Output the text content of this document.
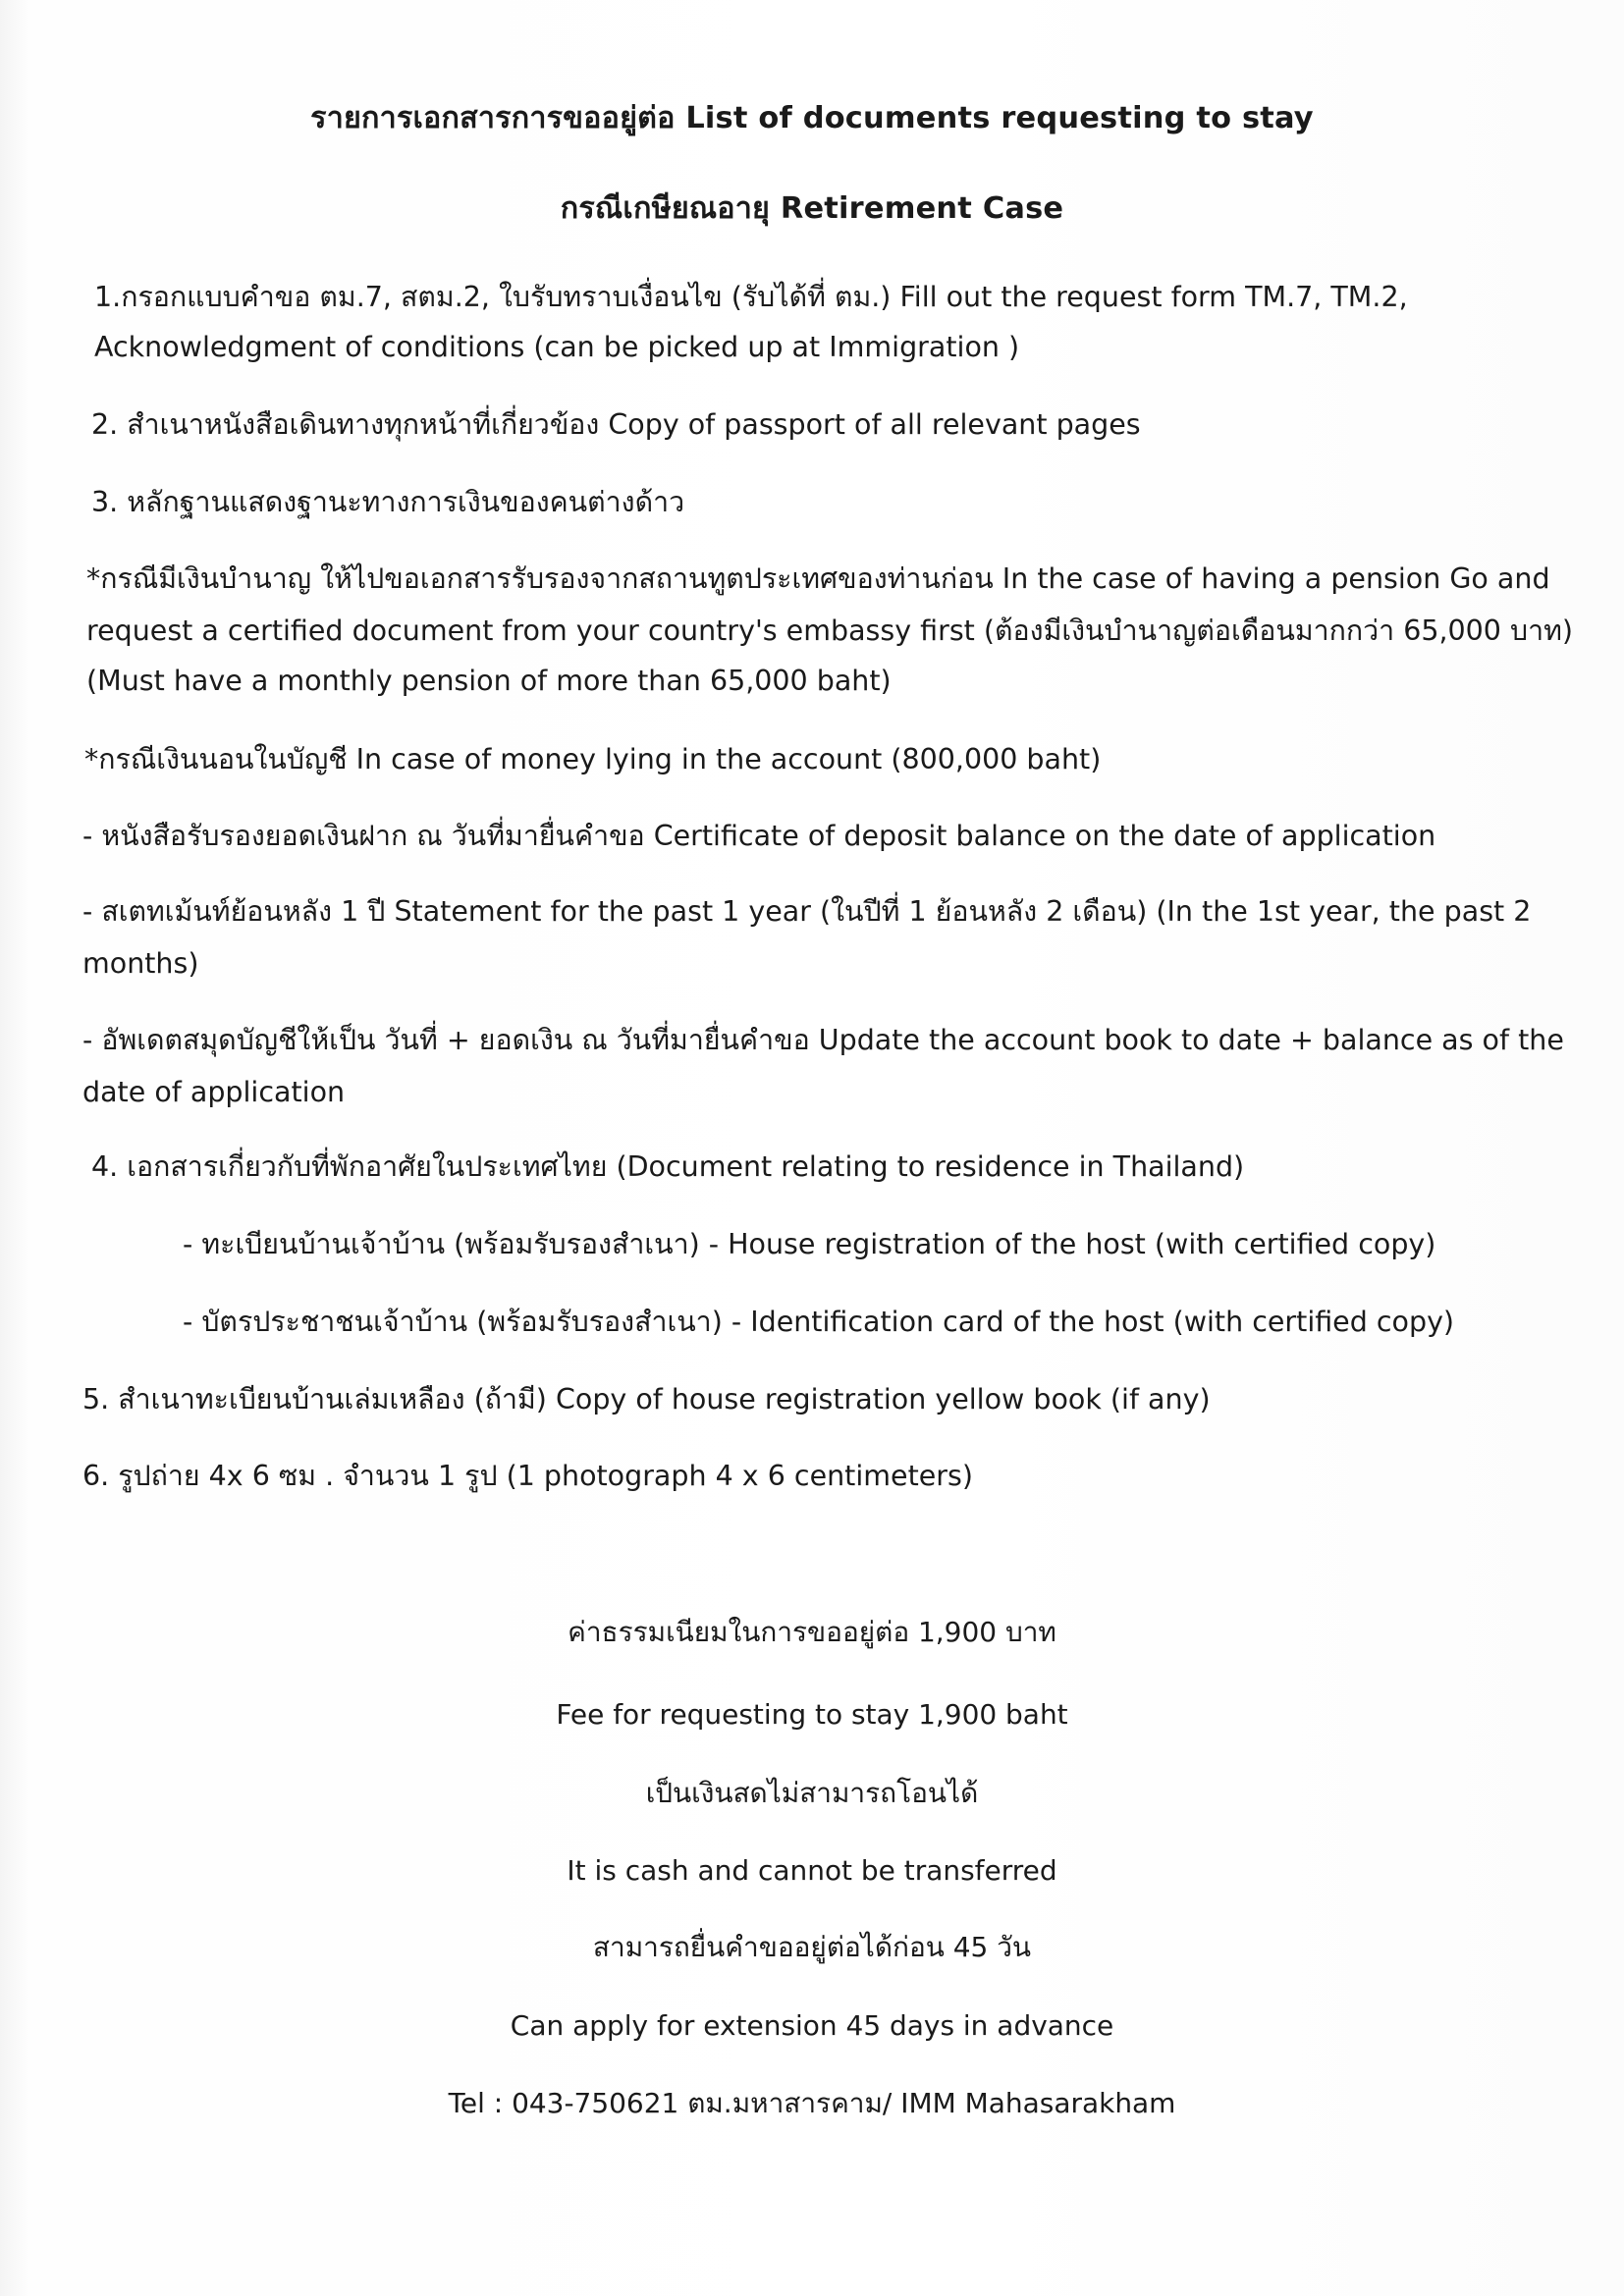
รายการเอกสารการขออยู่ต่อ List of documents requesting to stay
กรณีเกษียณอายุ Retirement Case
1.กรอกแบบคำขอ ตม.7, สตม.2, ใบรับทราบเงื่อนไข (รับได้ที่ ตม.) Fill out the request form TM.7, TM.2,
Acknowledgment of conditions (can be picked up at Immigration )
2. สำเนาหนังสือเดินทางทุกหน้าที่เกี่ยวข้อง Copy of passport of all relevant pages
3. หลักฐานแสดงฐานะทางการเงินของคนต่างด้าว
*กรณีมีเงินบำนาญ ให้ไปขอเอกสารรับรองจากสถานทูตประเทศของท่านก่อน In the case of having a pension Go and
request a certified document from your country's embassy first (ต้องมีเงินบำนาญต่อเดือนมากกว่า 65,000 บาท)
(Must have a monthly pension of more than 65,000 baht)
*กรณีเงินนอนในบัญชี In case of money lying in the account (800,000 baht)
- หนังสือรับรองยอดเงินฝาก ณ วันที่มายื่นคำขอ Certificate of deposit balance on the date of application
- สเตทเม้นท์ย้อนหลัง 1 ปี Statement for the past 1 year (ในปีที่ 1 ย้อนหลัง 2 เดือน) (In the 1st year, the past 2
months)
- อัพเดตสมุดบัญชีให้เป็น วันที่ + ยอดเงิน ณ วันที่มายื่นคำขอ Update the account book to date + balance as of the
date of application
4. เอกสารเกี่ยวกับที่พักอาศัยในประเทศไทย (Document relating to residence in Thailand)
- ทะเบียนบ้านเจ้าบ้าน (พร้อมรับรองสำเนา) - House registration of the host (with certified copy)
- บัตรประชาชนเจ้าบ้าน (พร้อมรับรองสำเนา) - Identification card of the host (with certified copy)
5. สำเนาทะเบียนบ้านเล่มเหลือง (ถ้ามี) Copy of house registration yellow book (if any)
6. รูปถ่าย 4x 6 ซม . จำนวน 1 รูป (1 photograph 4 x 6 centimeters)
ค่าธรรมเนียมในการขออยู่ต่อ 1,900 บาท
Fee for requesting to stay 1,900 baht
เป็นเงินสดไม่สามารถโอนได้
It is cash and cannot be transferred
สามารถยื่นคำขออยู่ต่อได้ก่อน 45 วัน
Can apply for extension 45 days in advance
Tel : 043-750621 ตม.มหาสารคาม/ IMM Mahasarakham
